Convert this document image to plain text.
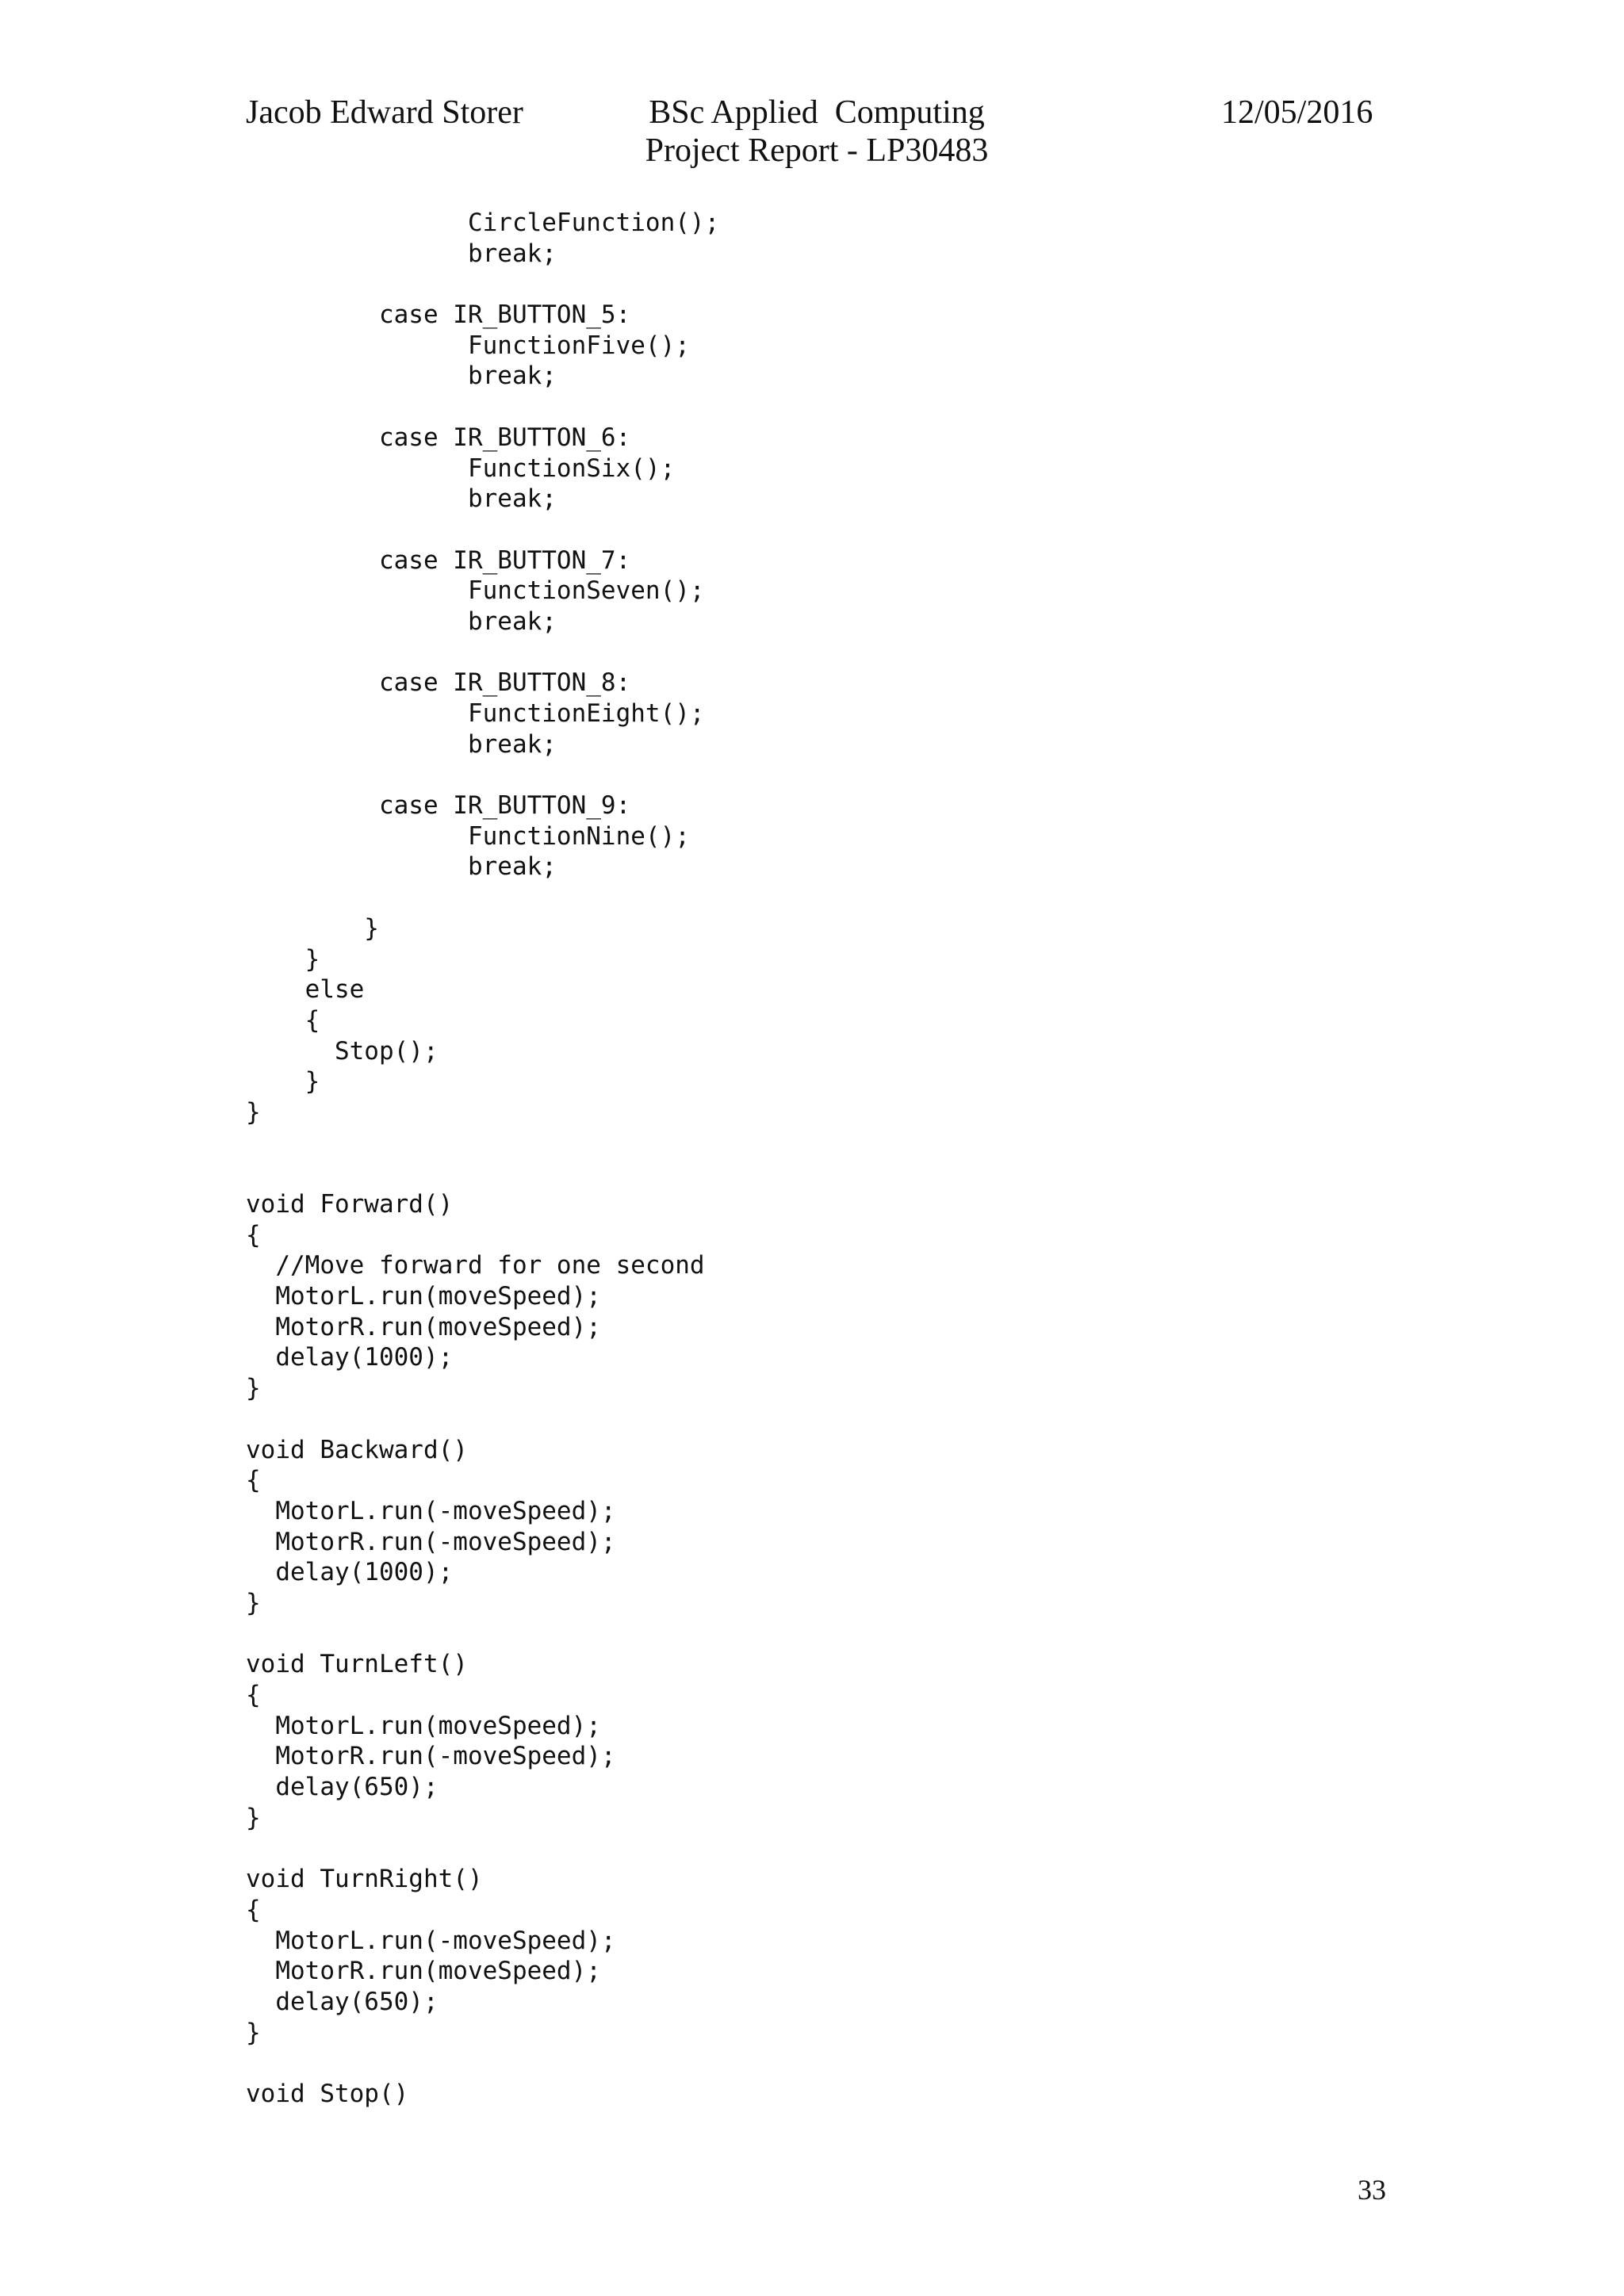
Jacob Edward Storer	BSc Applied  Computing
Project Report - LP30483
12/05/2016
CircleFunction();
break;
case IR_BUTTON_5:
FunctionFive();
break;
case IR_BUTTON_6:
FunctionSix();
break;
case IR_BUTTON_7:
FunctionSeven();
break;
case IR_BUTTON_8:
FunctionEight();
break;
case IR_BUTTON_9:
FunctionNine();
break;
}
}
else
{
Stop();
}
}
void Forward()
{
//Move forward for one second
MotorL.run(moveSpeed);
MotorR.run(moveSpeed);
delay(1000);
}
void Backward()
{
MotorL.run(-moveSpeed);
MotorR.run(-moveSpeed);
delay(1000);
}
void TurnLeft()
{
MotorL.run(moveSpeed);
MotorR.run(-moveSpeed);
delay(650);
}
void TurnRight()
{
MotorL.run(-moveSpeed);
MotorR.run(moveSpeed);
delay(650);
}
void Stop()
33
